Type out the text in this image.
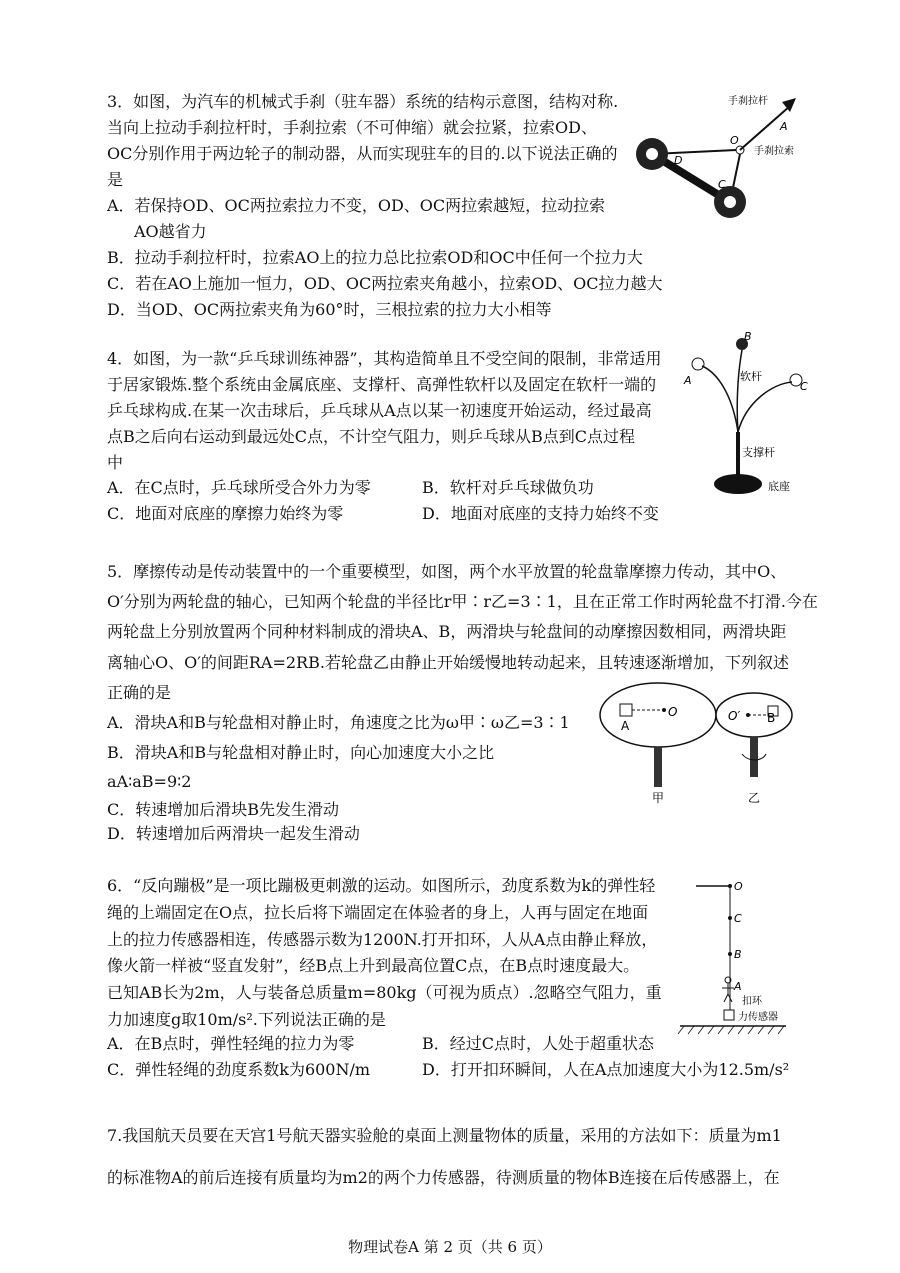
3．如图，为汽车的机械式手刹（驻车器）系统的结构示意图，结构对称.
当向上拉动手刹拉杆时，手刹拉索（不可伸缩）就会拉紧，拉索OD、
OC分别作用于两边轮子的制动器，从而实现驻车的目的.以下说法正确的
是
A．若保持OD、OC两拉索拉力不变，OD、OC两拉索越短，拉动拉索
AO越省力
B．拉动手刹拉杆时，拉索AO上的拉力总比拉索OD和OC中任何一个拉力大
C．若在AO上施加一恒力，OD、OC两拉索夹角越小，拉索OD、OC拉力越大
D．当OD、OC两拉索夹角为60°时，三根拉索的拉力大小相等
手刹拉杆
A
O
手刹拉索
D
C
4．如图，为一款“乒乓球训练神器”，其构造简单且不受空间的限制，非常适用
于居家锻炼.整个系统由金属底座、支撑杆、高弹性软杆以及固定在软杆一端的
乒乓球构成.在某一次击球后，乒乓球从A点以某一初速度开始运动，经过最高
点B之后向右运动到最远处C点，不计空气阻力，则乒乓球从B点到C点过程
中
A．在C点时，乒乓球所受合外力为零	B．软杆对乒乓球做负功
C．地面对底座的摩擦力始终为零	D．地面对底座的支持力始终不变
B
A	C
软杆
支撑杆
底座
5．摩擦传动是传动装置中的一个重要模型，如图，两个水平放置的轮盘靠摩擦力传动，其中O、
O′分别为两轮盘的轴心，已知两个轮盘的半径比r甲∶r乙=3∶1，且在正常工作时两轮盘不打滑.今在
两轮盘上分别放置两个同种材料制成的滑块A、B，两滑块与轮盘间的动摩擦因数相同，两滑块距
离轴心O、O′的间距RA=2RB.若轮盘乙由静止开始缓慢地转动起来，且转速逐渐增加，下列叙述
正确的是
A．滑块A和B与轮盘相对静止时，角速度之比为ω甲∶ω乙=3∶1
B．滑块A和B与轮盘相对静止时，向心加速度大小之比
aA∶aB=9∶2
C．转速增加后滑块B先发生滑动
D．转速增加后两滑块一起发生滑动
A
O
甲
O′ B
乙
6．“反向蹦极”是一项比蹦极更刺激的运动。如图所示，劲度系数为k的弹性轻
绳的上端固定在O点，拉长后将下端固定在体验者的身上，人再与固定在地面
上的拉力传感器相连，传感器示数为1200N.打开扣环，人从A点由静止释放，
像火箭一样被“竖直发射”，经B点上升到最高位置C点，在B点时速度最大。
已知AB长为2m，人与装备总质量m=80kg（可视为质点）.忽略空气阻力，重
力加速度g取10m/s².下列说法正确的是
A．在B点时，弹性轻绳的拉力为零	B．经过C点时，人处于超重状态
C．弹性轻绳的劲度系数k为600N/m	D．打开扣环瞬间，人在A点加速度大小为12.5m/s²
O
C
B
A
扣环
力传感器
7.我国航天员要在天宫1号航天器实验舱的桌面上测量物体的质量，采用的方法如下：质量为m1
的标准物A的前后连接有质量均为m2的两个力传感器，待测质量的物体B连接在后传感器上，在
物理试卷A 第 2 页（共 6 页）
